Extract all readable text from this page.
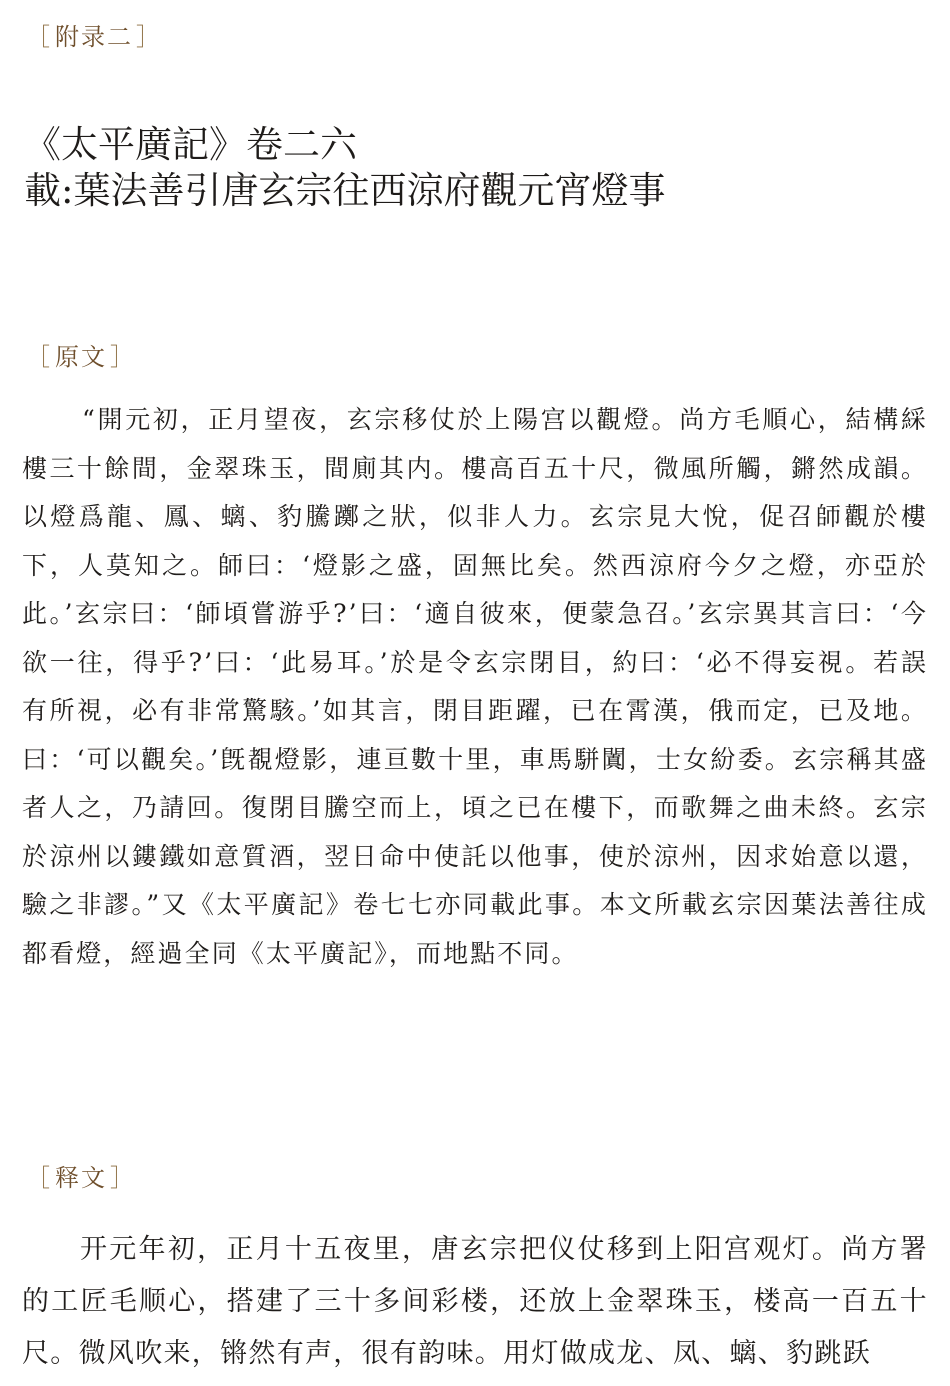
［ 附录二 ］
《太平廣記》卷二六
載:葉法善引唐玄宗往西涼府觀元宵燈事
［ 原文 ］

“開元初，正月望夜，玄宗移仗於上陽宫以觀燈。尚方毛順心，結構綵樓三十餘間，金翠珠玉，間廁其内。樓高百五十尺，微風所觸，鏘然成韻。以燈爲龍、鳳、螭、豹騰躑之狀，似非人力。玄宗見大悅，促召師觀於樓下，人莫知之。師曰：‘燈影之盛，固無比矣。然西涼府今夕之燈，亦亞於此。’玄宗曰：‘師頃嘗游乎?’曰：‘適自彼來，便蒙急召。’玄宗異其言曰：‘今欲一往，得乎?’曰：‘此易耳。’於是令玄宗閉目，約曰：‘必不得妄視。若誤有所視，必有非常驚駭。’如其言，閉目距躍，已在霄漢，俄而定，已及地。曰：‘可以觀矣。’旣覩燈影，連亘數十里，車馬駢闐，士女紛委。玄宗稱其盛者人之，乃請回。復閉目騰空而上，頃之已在樓下，而歌舞之曲未終。玄宗於涼州以鏤鐵如意質酒，翌日命中使託以他事，使於涼州，因求始意以還，驗之非謬。”又《太平廣記》卷七七亦同載此事。本文所載玄宗因葉法善往成都看燈，經過全同《太平廣記》，而地點不同。

［ 释文 ］

开元年初，正月十五夜里，唐玄宗把仪仗移到上阳宫观灯。尚方署的工匠毛顺心，搭建了三十多间彩楼，还放上金翠珠玉，楼高一百五十尺。微风吹来，锵然有声，很有韵味。用灯做成龙、凤、螭、豹跳跃
